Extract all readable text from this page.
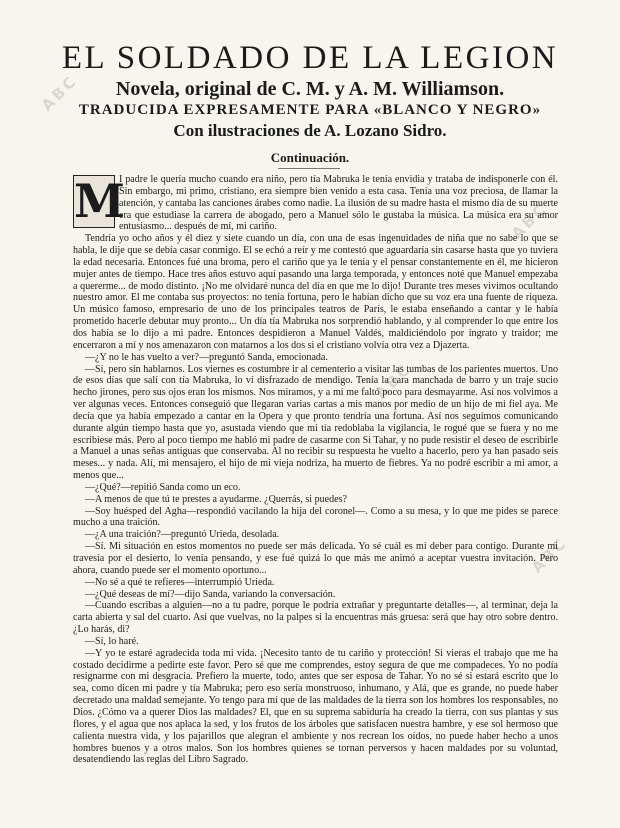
ABC
ABC
ABC
ABC
EL SOLDADO DE LA LEGION
Novela, original de C. M. y A. M. Williamson.
TRADUCIDA EXPRESAMENTE PARA «BLANCO Y NEGRO»
Con ilustraciones de A. Lozano Sidro.
Continuación.
M

I padre le quería mucho cuando era niño, pero tía Mabruka le tenía envidia y trataba de indisponerle con él. Sin embargo, mi primo, cristiano, era siempre bien venido a esta casa. Tenía una voz preciosa, de llamar la atención, y cantaba las canciones árabes como nadie. La ilusión de su madre hasta el mismo día de su muerte era que estudiase la carrera de abogado, pero a Manuel sólo le gustaba la música. La música era su amor entusiasmo... después de mí, mi cariño.

Tendría yo ocho años y él diez y siete cuando un día, con una de esas ingenuidades de niña que no sabe lo que se habla, le dije que se debía casar conmigo. El se echó a reír y me contestó que aguardaría sin casarse hasta que yo tuviera la edad necesaria. Entonces fué una broma, pero el cariño que ya le tenía y el pensar constantemente en él, me hicieron mujer antes de tiempo. Hace tres años estuvo aquí pasando una larga temporada, y entonces noté que Manuel empezaba a quererme... de modo distinto. ¡No me olvidaré nunca del día en que me lo dijo! Durante tres meses vivimos ocultando nuestro amor. El me contaba sus proyectos: no tenía fortuna, pero le habían dicho que su voz era una fuente de riqueza. Un músico famoso, empresario de uno de los principales teatros de París, le estaba enseñando a cantar y le había prometido hacerle debutar muy pronto... Un día tía Mabruka nos sorprendió hablando, y al comprender lo que entre los dos había se lo dijo a mi padre. Entonces despidieron a Manuel Valdés, maldiciéndolo por ingrato y traidor; me encerraron a mí y nos amenazaron con matarnos a los dos si el cristiano volvía otra vez a Djazerta.

—¿Y no le has vuelto a ver?—preguntó Sanda, emocionada.

—Sí, pero sin hablarnos. Los viernes es costumbre ir al cementerio a visitar las tumbas de los parientes muertos. Uno de esos días que salí con tía Mabruka, lo vi disfrazado de mendigo. Tenía la cara manchada de barro y un traje sucio hecho jirones, pero sus ojos eran los mismos. Nos miramos, y a mí me faltó poco para desmayarme. Así nos volvimos a ver algunas veces. Entonces conseguió que llegaran varias cartas a mis manos por medio de un hijo de mi fiel aya. Me decía que ya había empezado a cantar en la Opera y que pronto tendría una fortuna. Así nos seguimos comunicando durante algún tiempo hasta que yo, asustada viendo que mi tía redoblaba la vigilancia, le rogué que se fuera y no me escribiese más. Pero al poco tiempo me habló mi padre de casarme con Si Tahar, y no pude resistir el deseo de escribirle a Manuel a unas señas antiguas que conservaba. Al no recibir su respuesta he vuelto a hacerlo, pero ya han pasado seis meses... y nada. Alí, mi mensajero, el hijo de mi vieja nodriza, ha muerto de fiebres. Ya no podré escribir a mi amor, a menos que...

—¿Qué?—repitió Sanda como un eco.

—A menos de que tú te prestes a ayudarme. ¿Querrás, si puedes?

—Soy huésped del Agha—respondió vacilando la hija del coronel—. Como a su mesa, y lo que me pides se parece mucho a una traición.

—¿A una traición?—preguntó Urieda, desolada.

—Sí. Mi situación en estos momentos no puede ser más delicada. Yo sé cuál es mi deber para contigo. Durante mi travesía por el desierto, lo venía pensando, y ese fué quizá lo que más me animó a aceptar vuestra invitación. Pero ahora, cuando puede ser el momento oportuno...

—No sé a qué te refieres—interrumpió Urieda.

—¿Qué deseas de mí?—dijo Sanda, variando la conversación.

—Cuando escribas a alguien—no a tu padre, porque le podría extrañar y preguntarte detalles—, al terminar, deja la carta abierta y sal del cuarto. Así que vuelvas, no la palpes si la encuentras más gruesa: será que hay otro sobre dentro. ¿Lo harás, di?

—Sí, lo haré.

—Y yo te estaré agradecida toda mi vida. ¡Necesito tanto de tu cariño y protección! Si vieras el trabajo que me ha costado decidirme a pedirte este favor. Pero sé que me comprendes, estoy segura de que me compadeces. Yo no podía resignarme con mi desgracia. Prefiero la muerte, todo, antes que ser esposa de Tahar. Yo no sé si estará escrito que lo sea, como dicen mi padre y tía Mabruka; pero eso sería monstruoso, inhumano, y Alá, que es grande, no puede haber decretado una maldad semejante. Yo tengo para mí que de las maldades de la tierra son los hombres los responsables, no Dios. ¿Cómo va a querer Dios las maldades? El, que en su suprema sabiduría ha creado la tierra, con sus plantas y sus flores, y el agua que nos aplaca la sed, y los frutos de los árboles que satisfacen nuestra hambre, y ese sol hermoso que calienta nuestra vida, y los pajarillos que alegran el ambiente y nos recrean los oídos, no puede haber hecho a unos hombres buenos y a otros malos. Son los hombres quienes se tornan perversos y hacen maldades por su voluntad, desatendiendo las reglas del Libro Sagrado.
